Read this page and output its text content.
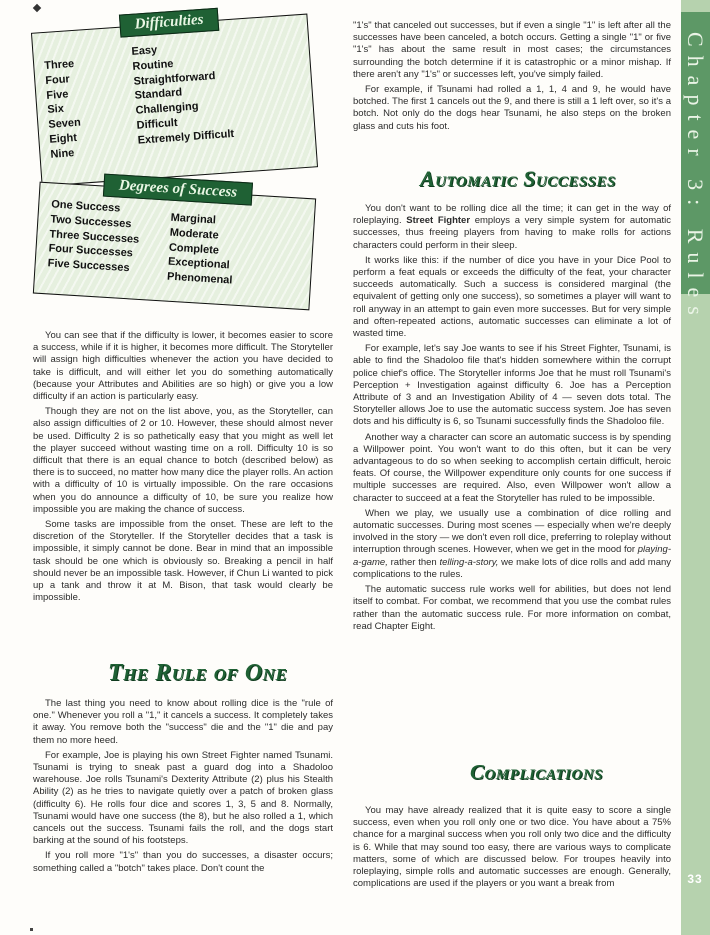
Difficulties
Three
Four
Five
Six
Seven
Eight
Nine
Easy
Routine
Straightforward
Standard
Challenging
Difficult
Extremely Difficult
Degrees of Success
One Success
Two Successes
Three Successes
Four Successes
Five Successes
Marginal
Moderate
Complete
Exceptional
Phenomenal

You can see that if the difficulty is lower, it becomes easier to score a success, while if it is higher, it becomes more difficult. The Storyteller will assign high difficulties whenever the action you have decided to take is difficult, and will either let you do something automatically (because your Attributes and Abilities are so high) or give you a low difficulty if an action is particularly easy.

Though they are not on the list above, you, as the Storyteller, can also assign difficulties of 2 or 10. However, these should almost never be used. Difficulty 2 is so pathetically easy that you might as well let the player succeed without wasting time on a roll. Difficulty 10 is so difficult that there is an equal chance to botch (described below) as there is to succeed, no matter how many dice the player rolls. An action with a difficulty of 10 is virtually impossible. On the rare occasions when you do announce a difficulty of 10, be sure you realize how impossible you are making the chance of success.

Some tasks are impossible from the onset. These are left to the discretion of the Storyteller. If the Storyteller decides that a task is impossible, it simply cannot be done. Bear in mind that an impossible task should be one which is obviously so. Breaking a pencil in half should never be an impossible task. However, if Chun Li wanted to pick up a tank and throw it at M. Bison, that task would clearly be impossible.

The Rule of One

The last thing you need to know about rolling dice is the "rule of one." Whenever you roll a "1," it cancels a success. It completely takes it away. You remove both the "success" die and the "1" die and pay them no more heed.

For example, Joe is playing his own Street Fighter named Tsunami. Tsunami is trying to sneak past a guard dog into a Shadoloo warehouse. Joe rolls Tsunami's Dexterity Attribute (2) plus his Stealth Ability (2) as he tries to navigate quietly over a patch of broken glass (difficulty 6). He rolls four dice and scores 1, 3, 5 and 8. Normally, Tsunami would have one success (the 8), but he also rolled a 1, which cancels out the success. Tsunami fails the roll, and the dogs start barking at the sound of his footsteps.

If you roll more "1's" than you do successes, a disaster occurs; something called a "botch" takes place. Don't count the

"1's" that canceled out successes, but if even a single "1" is left after all the successes have been canceled, a botch occurs. Getting a single "1" or five "1's" has about the same result in most cases; the circumstances surrounding the botch determine if it is catastrophic or a minor mishap. If there aren't any "1's" or successes left, you've simply failed.

For example, if Tsunami had rolled a 1, 1, 4 and 9, he would have botched. The first 1 cancels out the 9, and there is still a 1 left over, so it's a botch. Not only do the dogs hear Tsunami, he also steps on the broken glass and cuts his foot.

Automatic Successes

You don't want to be rolling dice all the time; it can get in the way of roleplaying. Street Fighter employs a very simple system for automatic successes, thus freeing players from having to make rolls for actions characters could perform in their sleep.

It works like this: if the number of dice you have in your Dice Pool to perform a feat equals or exceeds the difficulty of the feat, your character succeeds automatically. Such a success is considered marginal (the equivalent of getting only one success), so sometimes a player will want to roll anyway in an attempt to gain even more successes. But for very simple and often-repeated actions, automatic successes can eliminate a lot of wasted time.

For example, let's say Joe wants to see if his Street Fighter, Tsunami, is able to find the Shadoloo file that's hidden somewhere within the corrupt police chief's office. The Storyteller informs Joe that he must roll Tsunami's Perception + Investigation against difficulty 6. Joe has a Perception Attribute of 3 and an Investigation Ability of 4 — seven dots total. The Storyteller allows Joe to use the automatic success system. Joe has seven dots and his difficulty is 6, so Tsunami successfully finds the Shadoloo file.

Another way a character can score an automatic success is by spending a Willpower point. You won't want to do this often, but it can be very advantageous to do so when seeking to accomplish certain difficult, heroic feats. Of course, the Willpower expenditure only counts for one success if multiple successes are required. Also, even Willpower won't allow a character to succeed at a feat the Storyteller has ruled to be impossible.

When we play, we usually use a combination of dice rolling and automatic successes. During most scenes — especially when we're deeply involved in the story — we don't even roll dice, preferring to roleplay without interruption through scenes. However, when we get in the mood for playing-a-game, rather then telling-a-story, we make lots of dice rolls and add many complications to the rules.

The automatic success rule works well for abilities, but does not lend itself to combat. For combat, we recommend that you use the combat rules rather than the automatic success rule. For more information on combat, read Chapter Eight.

Complications

You may have already realized that it is quite easy to score a single success, even when you roll only one or two dice. You have about a 75% chance for a marginal success when you roll only two dice and the difficulty is 6. While that may sound too easy, there are various ways to complicate matters, some of which are discussed below. For troupes heavily into roleplaying, simple rolls and automatic successes are enough. Generally, complications are used if the players or you want a break from

Chapter 3: Rules
33
